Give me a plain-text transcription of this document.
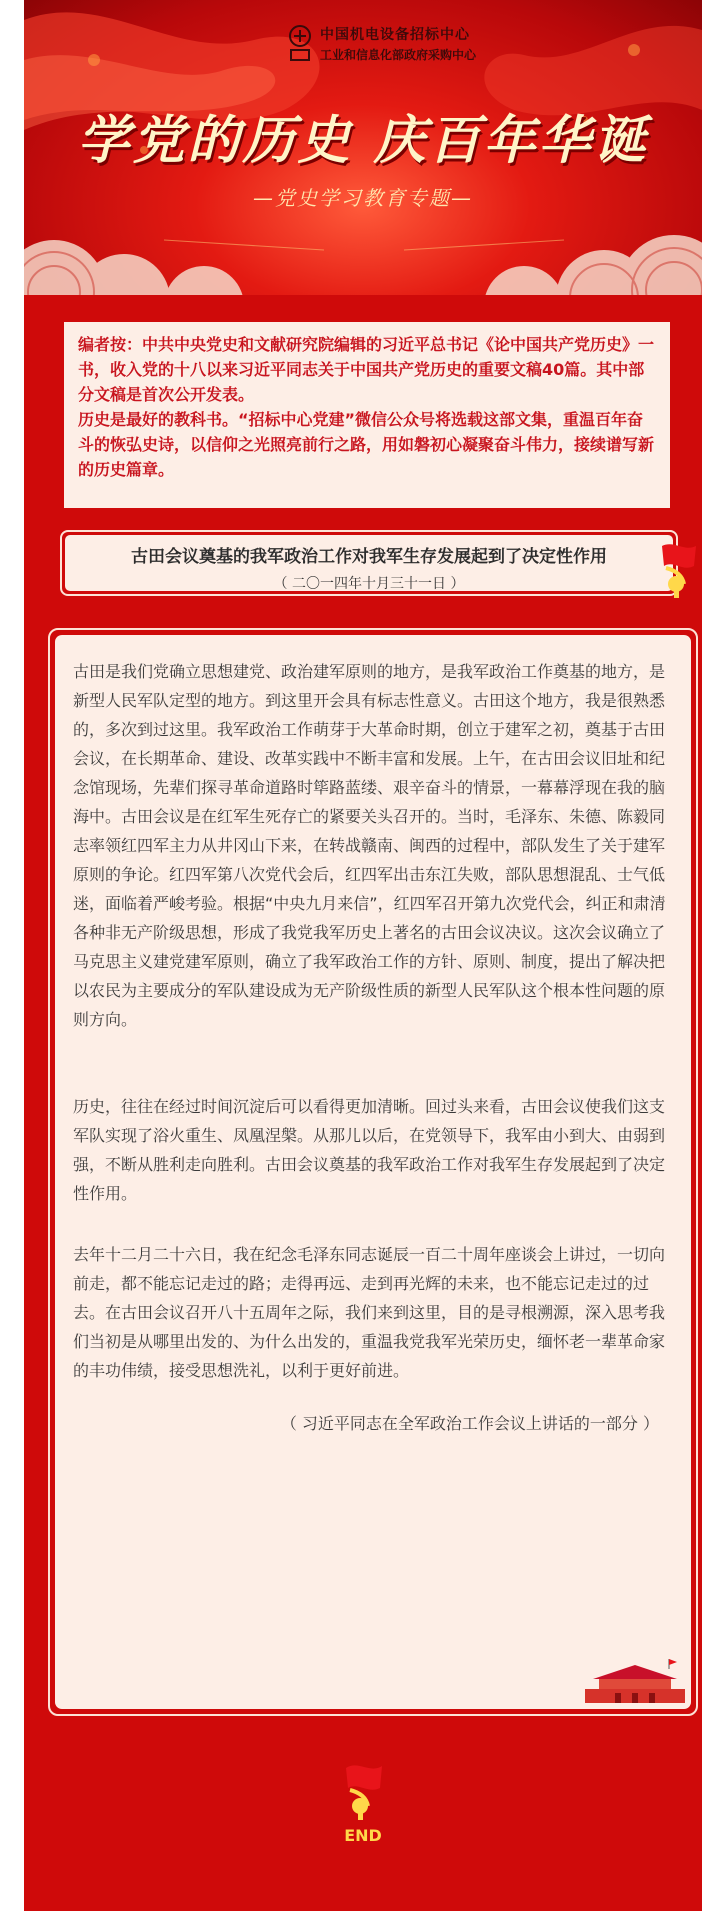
中国机电设备招标中心
工业和信息化部政府采购中心
学党的历史 庆百年华诞
—党史学习教育专题—

编者按：中共中央党史和文献研究院编辑的习近平总书记《论中国共产党历史》一书，收入党的十八以来习近平同志关于中国共产党历史的重要文稿40篇。其中部分文稿是首次公开发表。

历史是最好的教科书。“招标中心党建”微信公众号将选载这部文集，重温百年奋斗的恢弘史诗，以信仰之光照亮前行之路，用如磐初心凝聚奋斗伟力，接续谱写新的历史篇章。

古田会议奠基的我军政治工作对我军生存发展起到了决定性作用
（ 二〇一四年十月三十一日 ）

古田是我们党确立思想建党、政治建军原则的地方，是我军政治工作奠基的地方，是新型人民军队定型的地方。到这里开会具有标志性意义。古田这个地方，我是很熟悉的，多次到过这里。我军政治工作萌芽于大革命时期，创立于建军之初，奠基于古田会议，在长期革命、建设、改革实践中不断丰富和发展。上午，在古田会议旧址和纪念馆现场，先辈们探寻革命道路时筚路蓝缕、艰辛奋斗的情景，一幕幕浮现在我的脑海中。古田会议是在红军生死存亡的紧要关头召开的。当时，毛泽东、朱德、陈毅同志率领红四军主力从井冈山下来，在转战赣南、闽西的过程中，部队发生了关于建军原则的争论。红四军第八次党代会后，红四军出击东江失败，部队思想混乱、士气低迷，面临着严峻考验。根据“中央九月来信”，红四军召开第九次党代会，纠正和肃清各种非无产阶级思想，形成了我党我军历史上著名的古田会议决议。这次会议确立了马克思主义建党建军原则，确立了我军政治工作的方针、原则、制度，提出了解决把以农民为主要成分的军队建设成为无产阶级性质的新型人民军队这个根本性问题的原则方向。

历史，往往在经过时间沉淀后可以看得更加清晰。回过头来看，古田会议使我们这支军队实现了浴火重生、凤凰涅槃。从那儿以后，在党领导下，我军由小到大、由弱到强，不断从胜利走向胜利。古田会议奠基的我军政治工作对我军生存发展起到了决定性作用。

去年十二月二十六日，我在纪念毛泽东同志诞辰一百二十周年座谈会上讲过，一切向前走，都不能忘记走过的路；走得再远、走到再光辉的未来，也不能忘记走过的过去。在古田会议召开八十五周年之际，我们来到这里，目的是寻根溯源，深入思考我们当初是从哪里出发的、为什么出发的，重温我党我军光荣历史，缅怀老一辈革命家的丰功伟绩，接受思想洗礼，以利于更好前进。

（ 习近平同志在全军政治工作会议上讲话的一部分 ）

END
